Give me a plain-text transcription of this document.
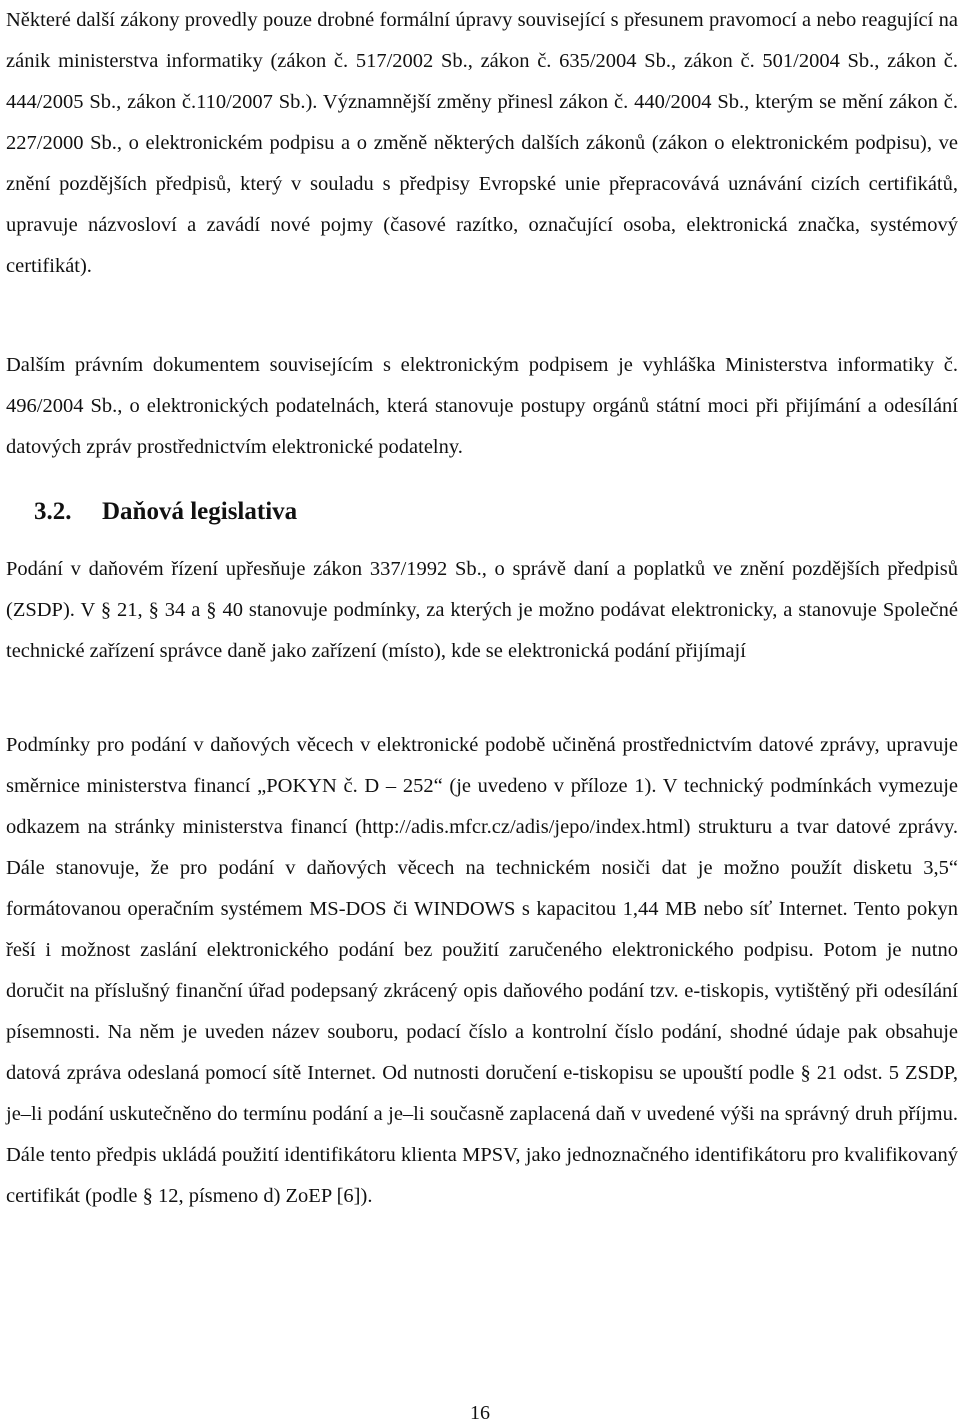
Některé další zákony provedly pouze drobné formální úpravy související s přesunem pravomocí a nebo reagující na zánik ministerstva informatiky (zákon č. 517/2002 Sb., zákon č. 635/2004 Sb., zákon č. 501/2004 Sb., zákon č. 444/2005 Sb., zákon č.110/2007 Sb.). Významnější změny přinesl zákon č. 440/2004 Sb., kterým se mění zákon č. 227/2000 Sb., o elektronickém podpisu a o změně některých dalších zákonů (zákon o elektronickém podpisu), ve znění pozdějších předpisů, který v souladu s předpisy Evropské unie přepracovává uznávání cizích certifikátů, upravuje názvosloví a zavádí nové pojmy (časové razítko, označující osoba, elektronická značka, systémový certifikát).

Dalším právním dokumentem souvisejícím s elektronickým podpisem je vyhláška Ministerstva informatiky č. 496/2004 Sb., o elektronických podatelnách, která stanovuje postupy orgánů státní moci při přijímání a odesílání datových zpráv prostřednictvím elektronické podatelny.

3.2. Daňová legislativa

Podání v daňovém řízení upřesňuje zákon 337/1992 Sb., o správě daní a poplatků ve znění pozdějších předpisů (ZSDP). V § 21, § 34 a § 40 stanovuje podmínky, za kterých je možno podávat elektronicky, a stanovuje Společné technické zařízení správce daně jako zařízení (místo), kde se elektronická podání přijímají

Podmínky pro podání v daňových věcech v elektronické podobě učiněná prostřednictvím datové zprávy, upravuje směrnice ministerstva financí „POKYN č. D – 252“ (je uvedeno v příloze 1). V technický podmínkách vymezuje odkazem na stránky ministerstva financí (http://adis.mfcr.cz/adis/jepo/index.html) strukturu a tvar datové zprávy. Dále stanovuje, že pro podání v daňových věcech na technickém nosiči dat je možno použít disketu 3,5“ formátovanou operačním systémem MS-DOS či WINDOWS s kapacitou 1,44 MB nebo síť Internet. Tento pokyn řeší i možnost zaslání elektronického podání bez použití zaručeného elektronického podpisu. Potom je nutno doručit na příslušný finanční úřad podepsaný zkrácený opis daňového podání tzv. e-tiskopis, vytištěný při odesílání písemnosti. Na něm je uveden název souboru, podací číslo a kontrolní číslo podání, shodné údaje pak obsahuje datová zpráva odeslaná pomocí sítě Internet. Od nutnosti doručení e-tiskopisu se upouští podle § 21 odst. 5 ZSDP, je–li podání uskutečněno do termínu podání a je–li současně zaplacená daň v uvedené výši na správný druh příjmu. Dále tento předpis ukládá použití identifikátoru klienta MPSV, jako jednoznačného identifikátoru pro kvalifikovaný certifikát (podle § 12, písmeno d) ZoEP [6]).

16
